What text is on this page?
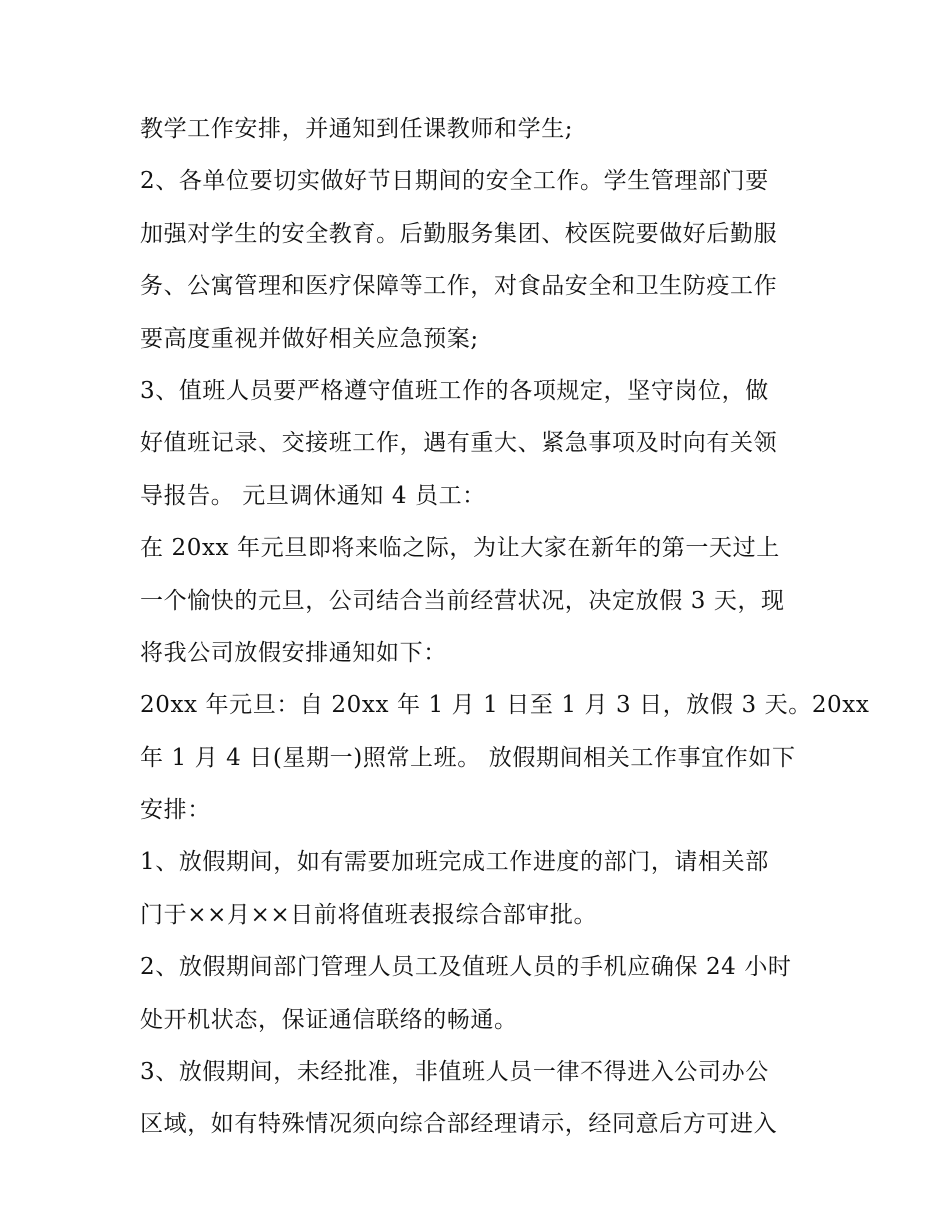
教学工作安排，并通知到任课教师和学生;
2、各单位要切实做好节日期间的安全工作。学生管理部门要
加强对学生的安全教育。后勤服务集团、校医院要做好后勤服
务、公寓管理和医疗保障等工作，对食品安全和卫生防疫工作
要高度重视并做好相关应急预案;
3、值班人员要严格遵守值班工作的各项规定，坚守岗位，做
好值班记录、交接班工作，遇有重大、紧急事项及时向有关领
导报告。 元旦调休通知 4 员工：
在 20xx 年元旦即将来临之际，为让大家在新年的第一天过上
一个愉快的元旦，公司结合当前经营状况，决定放假 3 天，现
将我公司放假安排通知如下：
20xx 年元旦：自 20xx 年 1 月 1 日至 1 月 3 日，放假 3 天。20xx
年 1 月 4 日(星期一)照常上班。 放假期间相关工作事宜作如下
安排：
1、放假期间，如有需要加班完成工作进度的部门，请相关部
门于××月××日前将值班表报综合部审批。
2、放假期间部门管理人员工及值班人员的手机应确保 24 小时
处开机状态，保证通信联络的畅通。
3、放假期间，未经批准，非值班人员一律不得进入公司办公
区域，如有特殊情况须向综合部经理请示，经同意后方可进入
